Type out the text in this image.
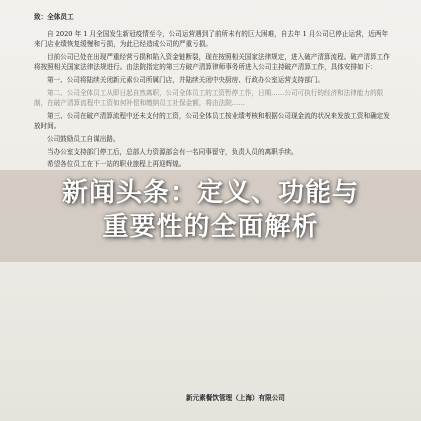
致：全体员工

自 2020 年 1 月全国发生新冠疫情至今，公司运营遇到了前所未有的巨大困难，自去年 1 月公司已停止运营，近两年来门店业绩恢复缓慢和亏损，为此已经造成公司的严重亏损。

目前公司已处在出现严重经营亏损和陷入资金链断裂，现在按照相关国家法律规定，进入破产清算流程。破产清算工作将按照相关国家法律法规进行。由法院指定的第三方破产清算律师事务所进入公司主持破产清算工作，具体安排如下：

第一、公司将陆续关闭新元素公司所属门店，并陆续关闭中央厨房、行政办公室运营支持部门。

第二、公司全体员工从即日起自然离职，公司全体员工的工资暂停工作，日期……公司可执行的经济和法律能力的限制，在破产清算流程中工资如何补偿和缴纳员工社保金额，将由法院……

第三、公司在破产清算流程中还未支付的工资，公司全体员工按业绩考核和根据公司现金流的状况来发放工资和确定发放时间。

公司鼓励员工自谋出路。

当办公室支持部门停工后，总部人力资源部会有一名同事留守，负责人员的离职手续。

希望各位员工在下一站的职业旅程上再迎辉煌。

新元素餐饮管理（上海）有限公司
新闻头条：定义、功能与
重要性的全面解析
